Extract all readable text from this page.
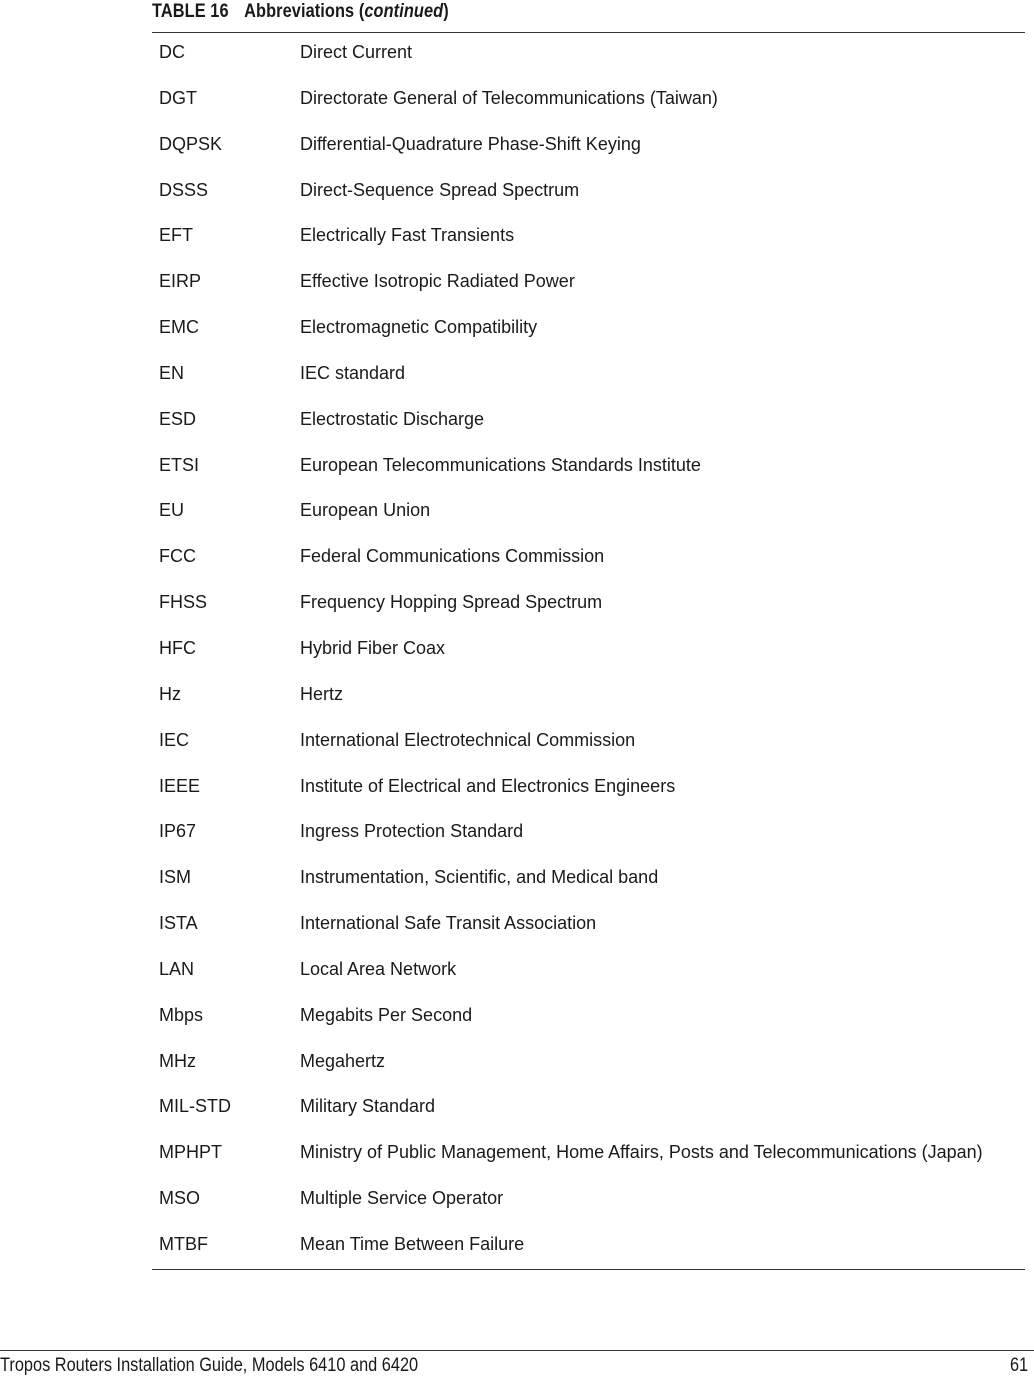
TABLE 16 Abbreviations (continued)
DC	Direct Current
DGT	Directorate General of Telecommunications (Taiwan)
DQPSK	Differential-Quadrature Phase-Shift Keying
DSSS	Direct-Sequence Spread Spectrum
EFT	Electrically Fast Transients
EIRP	Effective Isotropic Radiated Power
EMC	Electromagnetic Compatibility
EN	IEC standard
ESD	Electrostatic Discharge
ETSI	European Telecommunications Standards Institute
EU	European Union
FCC	Federal Communications Commission
FHSS	Frequency Hopping Spread Spectrum
HFC	Hybrid Fiber Coax
Hz	Hertz
IEC	International Electrotechnical Commission
IEEE	Institute of Electrical and Electronics Engineers
IP67	Ingress Protection Standard
ISM	Instrumentation, Scientific, and Medical band
ISTA	International Safe Transit Association
LAN	Local Area Network
Mbps	Megabits Per Second
MHz	Megahertz
MIL-STD	Military Standard
MPHPT	Ministry of Public Management, Home Affairs, Posts and Telecommunications (Japan)
MSO	Multiple Service Operator
MTBF	Mean Time Between Failure
Tropos Routers Installation Guide, Models 6410 and 6420	61
